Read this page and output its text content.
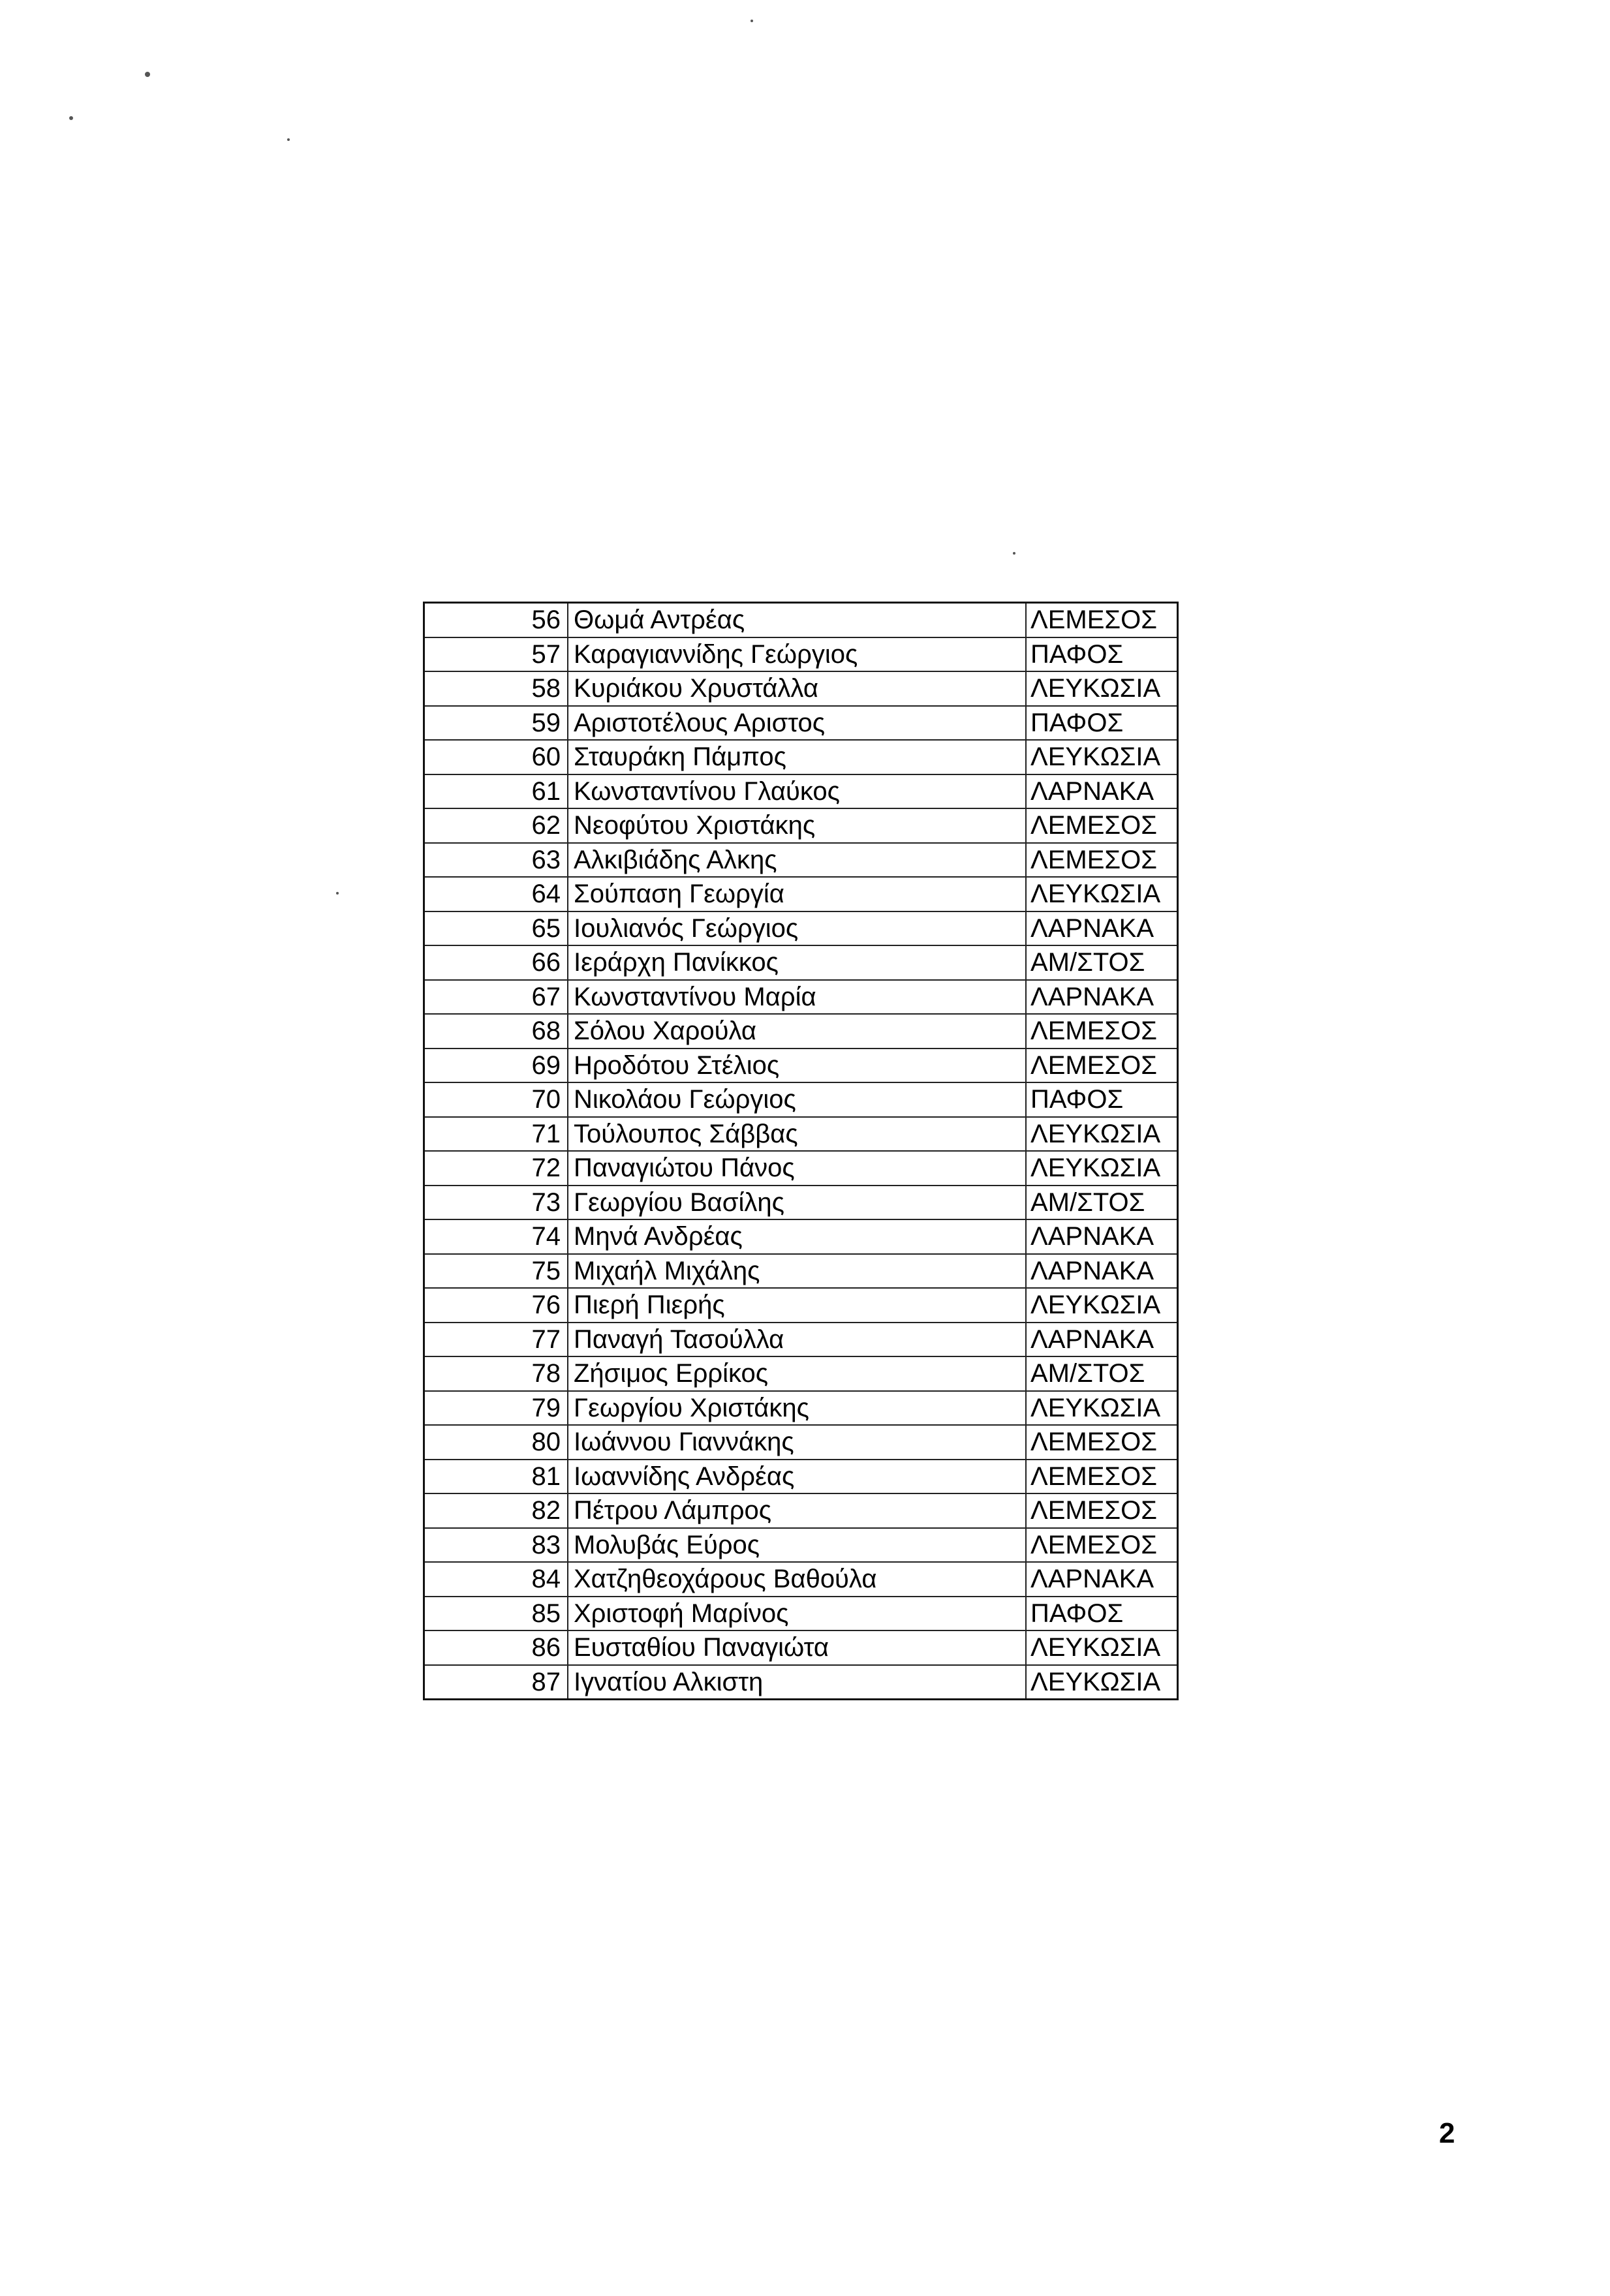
56	Θωμά Αντρέας	ΛΕΜΕΣΟΣ
57	Καραγιαννίδης Γεώργιος	ΠΑΦΟΣ
58	Κυριάκου Χρυστάλλα	ΛΕΥΚΩΣΙΑ
59	Αριστοτέλους Αριστος	ΠΑΦΟΣ
60	Σταυράκη Πάμπος	ΛΕΥΚΩΣΙΑ
61	Κωνσταντίνου Γλαύκος	ΛΑΡΝΑΚΑ
62	Νεοφύτου Χριστάκης	ΛΕΜΕΣΟΣ
63	Αλκιβιάδης Αλκης	ΛΕΜΕΣΟΣ
64	Σούπαση Γεωργία	ΛΕΥΚΩΣΙΑ
65	Ιουλιανός Γεώργιος	ΛΑΡΝΑΚΑ
66	Ιεράρχη Πανίκκος	ΑΜ/ΣΤΟΣ
67	Κωνσταντίνου Μαρία	ΛΑΡΝΑΚΑ
68	Σόλου Χαρούλα	ΛΕΜΕΣΟΣ
69	Ηροδότου Στέλιος	ΛΕΜΕΣΟΣ
70	Νικολάου Γεώργιος	ΠΑΦΟΣ
71	Τούλουπος Σάββας	ΛΕΥΚΩΣΙΑ
72	Παναγιώτου Πάνος	ΛΕΥΚΩΣΙΑ
73	Γεωργίου Βασίλης	ΑΜ/ΣΤΟΣ
74	Μηνά Ανδρέας	ΛΑΡΝΑΚΑ
75	Μιχαήλ Μιχάλης	ΛΑΡΝΑΚΑ
76	Πιερή Πιερής	ΛΕΥΚΩΣΙΑ
77	Παναγή Τασούλλα	ΛΑΡΝΑΚΑ
78	Ζήσιμος Ερρίκος	ΑΜ/ΣΤΟΣ
79	Γεωργίου Χριστάκης	ΛΕΥΚΩΣΙΑ
80	Ιωάννου Γιαννάκης	ΛΕΜΕΣΟΣ
81	Ιωαννίδης Ανδρέας	ΛΕΜΕΣΟΣ
82	Πέτρου Λάμπρος	ΛΕΜΕΣΟΣ
83	Μολυβάς Εύρος	ΛΕΜΕΣΟΣ
84	Χατζηθεοχάρους Βαθούλα	ΛΑΡΝΑΚΑ
85	Χριστοφή Μαρίνος	ΠΑΦΟΣ
86	Ευσταθίου Παναγιώτα	ΛΕΥΚΩΣΙΑ
87	Ιγνατίου Αλκιστη	ΛΕΥΚΩΣΙΑ
2
